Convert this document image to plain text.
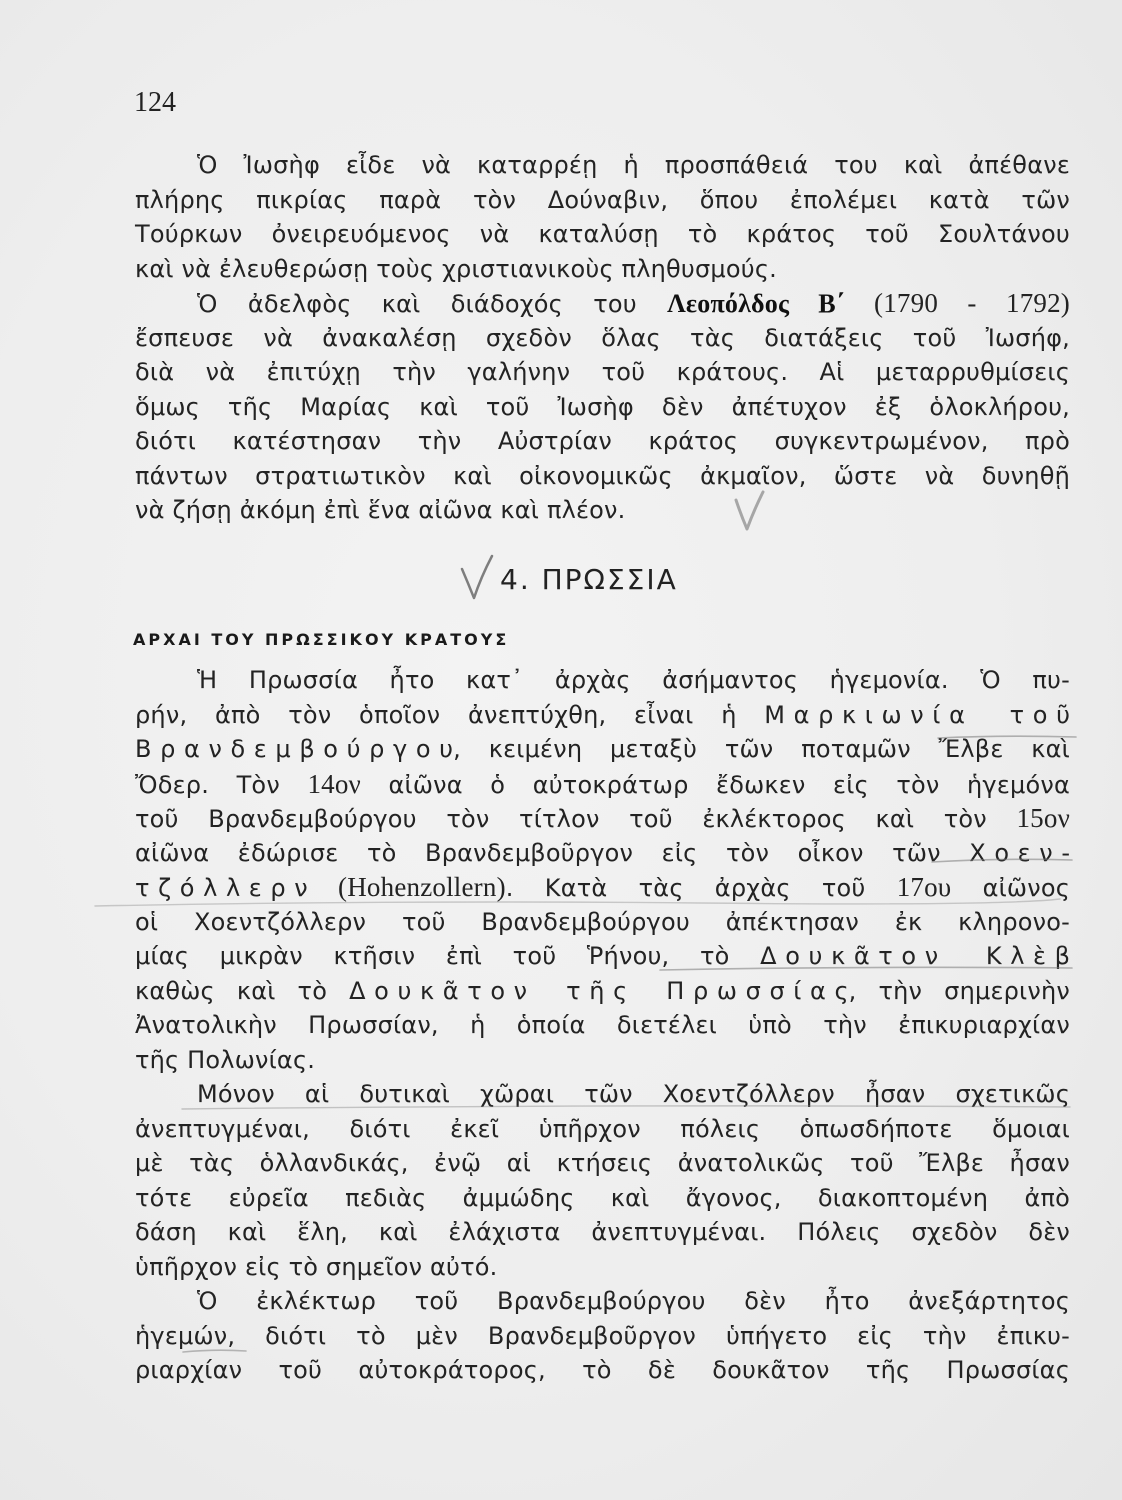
124
Ὁ Ἰωσὴφ εἶδε νὰ καταρρέῃ ἡ προσπάθειά του καὶ ἀπέθανε
πλήρης πικρίας παρὰ τὸν Δούναβιν, ὅπου ἐπολέμει κατὰ τῶν
Τούρκων ὀνειρευόμενος νὰ καταλύσῃ τὸ κράτος τοῦ Σουλτάνου
καὶ νὰ ἐλευθερώσῃ τοὺς χριστιανικοὺς πληθυσμούς.
Ὁ ἀδελφὸς καὶ διάδοχός του Λεοπόλδος Β΄ (1790 - 1792)
ἔσπευσε νὰ ἀνακαλέσῃ σχεδὸν ὅλας τὰς διατάξεις τοῦ Ἰωσήφ,
διὰ νὰ ἐπιτύχῃ τὴν γαλήνην τοῦ κράτους. Αἱ μεταρρυθμίσεις
ὅμως τῆς Μαρίας καὶ τοῦ Ἰωσὴφ δὲν ἀπέτυχον ἐξ ὁλοκλήρου,
διότι κατέστησαν τὴν Αὐστρίαν κράτος συγκεντρωμένον, πρὸ
πάντων στρατιωτικὸν καὶ οἰκονομικῶς ἀκμαῖον, ὥστε νὰ δυνηθῇ
νὰ ζήσῃ ἀκόμη ἐπὶ ἕνα αἰῶνα καὶ πλέον.
4. ΠΡΩΣΣΙΑ
ΑΡΧΑΙ ΤΟΥ ΠΡΩΣΣΙΚΟΥ ΚΡΑΤΟΥΣ
Ἡ Πρωσσία ἦτο κατ᾽ ἀρχὰς ἀσήμαντος ἡγεμονία. Ὁ πυ-
ρήν, ἀπὸ τὸν ὁποῖον ἀνεπτύχθη, εἶναι ἡ Μαρκιωνία τοῦ
Βρανδεμβούργου, κειμένη μεταξὺ τῶν ποταμῶν Ἔλβε καὶ
Ὄδερ. Τὸν 14ον αἰῶνα ὁ αὐτοκράτωρ ἔδωκεν εἰς τὸν ἡγεμόνα
τοῦ Βρανδεμβούργου τὸν τίτλον τοῦ ἐκλέκτορος καὶ τὸν 15ον
αἰῶνα ἐδώρισε τὸ Βρανδεμβοῦργον εἰς τὸν οἶκον τῶν Χοεν-
τζόλλερν (Hohenzollern). Κατὰ τὰς ἀρχὰς τοῦ 17ου αἰῶνος
οἱ Χοεντζόλλερν τοῦ Βρανδεμβούργου ἀπέκτησαν ἐκ κληρονο-
μίας μικρὰν κτῆσιν ἐπὶ τοῦ Ῥήνου, τὸ Δουκᾶτον Κλὲβ
καθὼς καὶ τὸ Δουκᾶτον τῆς Πρωσσίας, τὴν σημερινὴν
Ἀνατολικὴν Πρωσσίαν, ἡ ὁποία διετέλει ὑπὸ τὴν ἐπικυριαρχίαν
τῆς Πολωνίας.
Μόνον αἱ δυτικαὶ χῶραι τῶν Χοεντζόλλερν ἦσαν σχετικῶς
ἀνεπτυγμέναι, διότι ἐκεῖ ὑπῆρχον πόλεις ὁπωσδήποτε ὅμοιαι
μὲ τὰς ὁλλανδικάς, ἐνῷ αἱ κτήσεις ἀνατολικῶς τοῦ Ἔλβε ἦσαν
τότε εὐρεῖα πεδιὰς ἀμμώδης καὶ ἄγονος, διακοπτομένη ἀπὸ
δάση καὶ ἕλη, καὶ ἐλάχιστα ἀνεπτυγμέναι. Πόλεις σχεδὸν δὲν
ὑπῆρχον εἰς τὸ σημεῖον αὐτό.
Ὁ ἐκλέκτωρ τοῦ Βρανδεμβούργου δὲν ἦτο ἀνεξάρτητος
ἡγεμών, διότι τὸ μὲν Βρανδεμβοῦργον ὑπήγετο εἰς τὴν ἐπικυ-
ριαρχίαν τοῦ αὐτοκράτορος, τὸ δὲ δουκᾶτον τῆς Πρωσσίας
